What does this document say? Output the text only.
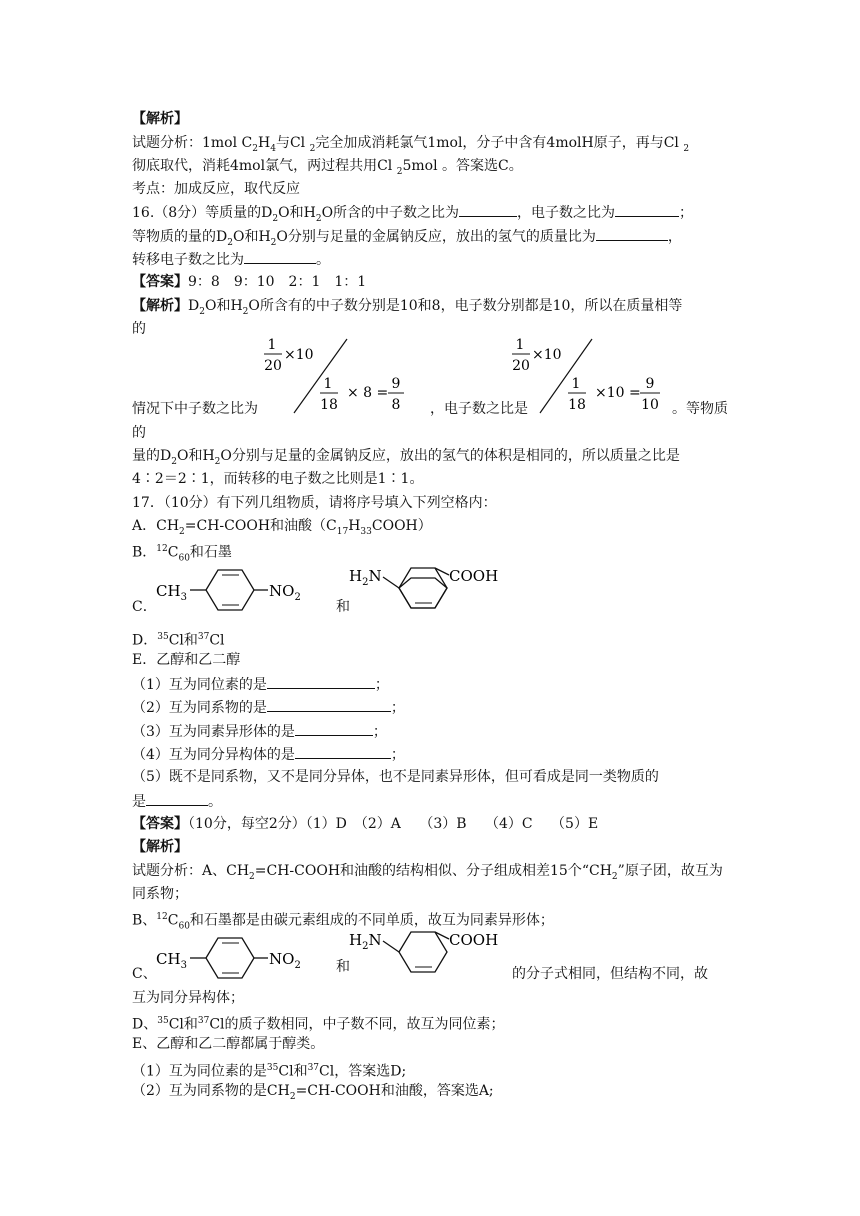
【解析】
试题分析：1mol $C_2H_4$与Cl $_2$完全加成消耗氯气1mol，分子中含有4molH原子，再与Cl $_2$
彻底取代，消耗4mol氯气，两过程共用Cl $_2$5mol 。答案选C。
考点：加成反应，取代反应
16.（8分）等质量的$D_2O$和$H_2O$所含的中子数之比为	，电子数之比为	；
等物质的量的$D_2O$和$H_2O$分别与足量的金属钠反应，放出的氢气的质量比为	，
转移电子数之比为	。
【答案】9：8　9：10　2：1　1：1
【解析】$D_2O$和$H_2O$所含有的中子数分别是10和8，电子数分别都是10，所以在质量相等
的
1
20
×10
1
18
× 8 =
9
8
1
20
×10
1
18
×10 =
9
10
情况下中子数之比为	，电子数之比是	。等物质
的
量的$D_2O$和$H_2O$分别与足量的金属钠反应，放出的氢气的体积是相同的，所以质量之比是
4∶2＝2∶1，而转移的电子数之比则是1∶1。
17．（10分）有下列几组物质，请将序号填入下列空格内：
A．$CH_2=CH$-COOH和油酸$(C_{17}H_{33}COOH)$
B．$^{12}C_{60}$和石墨
C．
$CH_3$	$NO_2$
和
$H_2N$	COOH
D．$^{35}$Cl和$^{37}$Cl
E．乙醇和乙二醇
（1）互为同位素的是	；
（2）互为同系物的是	；
（3）互为同素异形体的是	；
（4）互为同分异构体的是	；
（5）既不是同系物，又不是同分异体，也不是同素异形体，但可看成是同一类物质的
是	。
【答案】（10分，每空2分）（1）D　（2）A　 （3）B　 （4）C　 （5）E
【解析】
试题分析：A、$CH_2=CH$-COOH和油酸的结构相似、分子组成相差15个“$CH_2$”原子团，故互为
同系物；
B、$^{12}C_{60}$和石墨都是由碳元素组成的不同单质，故互为同素异形体；
C、
$CH_3$	$NO_2$	和
$H_2N$	COOH
的分子式相同，但结构不同，故
互为同分异构体；
D、$^{35}$Cl和$^{37}$Cl的质子数相同，中子数不同，故互为同位素；
E、乙醇和乙二醇都属于醇类。
（1）互为同位素的是$^{35}$Cl和$^{37}$Cl，答案选D;
（2）互为同系物的是$CH_2=CH$-COOH和油酸，答案选A;
